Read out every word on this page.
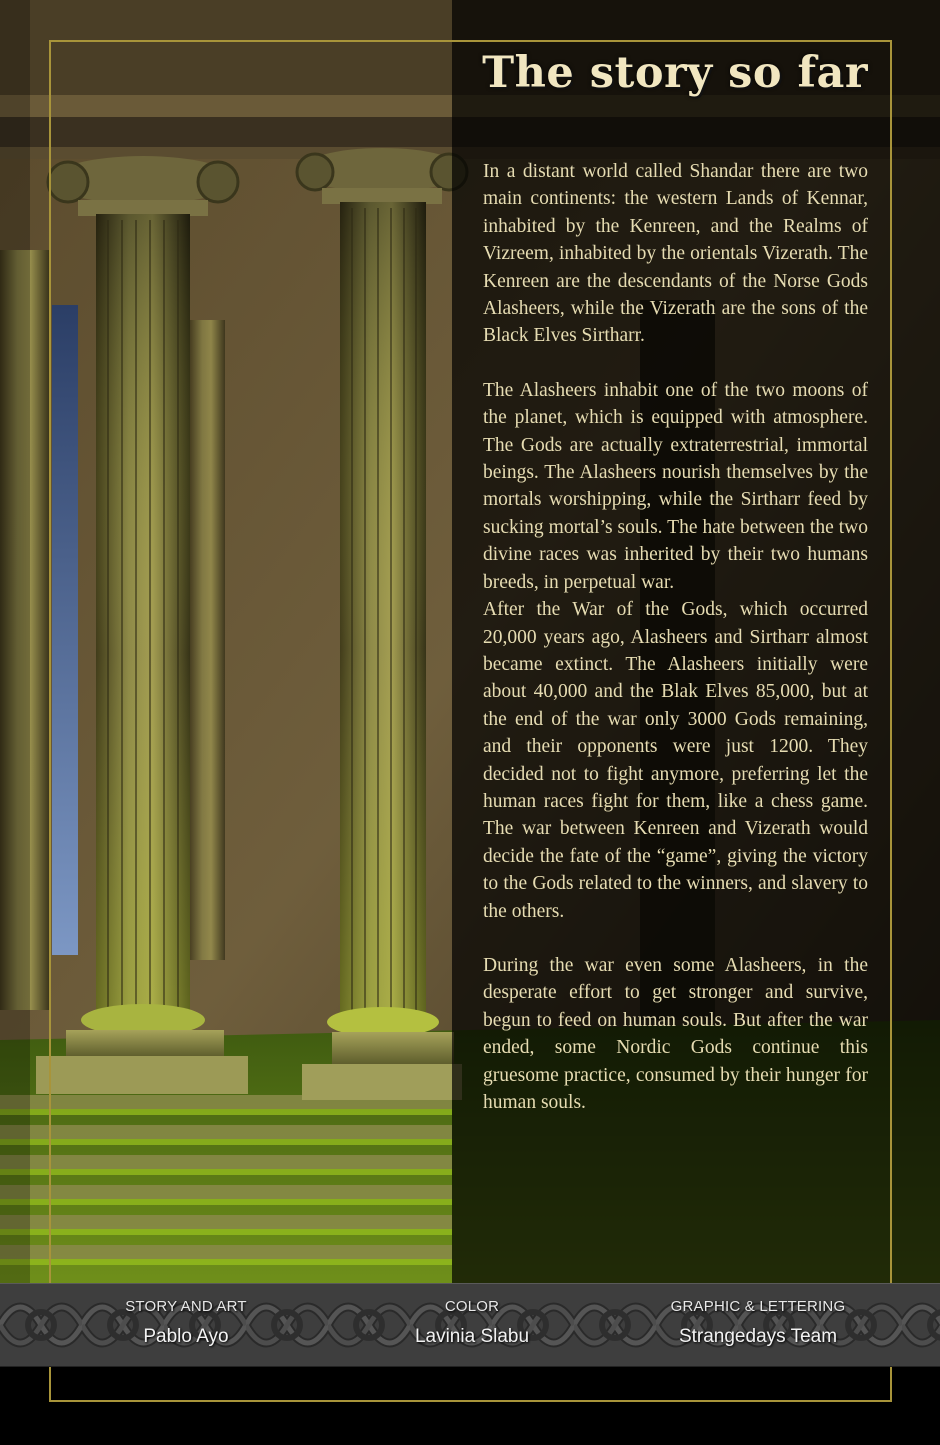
The story so far

In a distant world called Shandar there are two main continents: the western Lands of Kennar, inhabited by the Kenreen, and the Realms of Vizreem, inhabited by the orientals Vizerath. The Kenreen are the descendants of the Norse Gods Alasheers, while the Vizerath are the sons of the Black Elves Sirtharr.

The Alasheers inhabit one of the two moons of the planet, which is equipped with atmosphere. The Gods are actually extraterrestrial, immortal beings. The Alasheers nourish themselves by the mortals worshipping, while the Sirtharr feed by sucking mortal’s souls. The hate between the two divine races was inherited by their two humans breeds, in perpetual war.

After the War of the Gods, which occurred 20,000 years ago, Alasheers and Sirtharr almost became extinct. The Alasheers initially were about 40,000 and the Blak Elves 85,000, but at the end of the war only 3000 Gods remaining, and their opponents were just 1200. They decided not to fight anymore, preferring let the human races fight for them, like a chess game. The war between Kenreen and Vizerath would decide the fate of the “game”, giving the victory to the Gods related to the winners, and slavery to the others.

During the war even some Alasheers, in the desperate effort to get stronger and survive, begun to feed on human souls. But after the war ended, some Nordic Gods continue this gruesome practice, consumed by their hunger for human souls.

STORY AND ART
Pablo Ayo
COLOR
Lavinia Slabu
GRAPHIC & LETTERING
Strangedays Team
